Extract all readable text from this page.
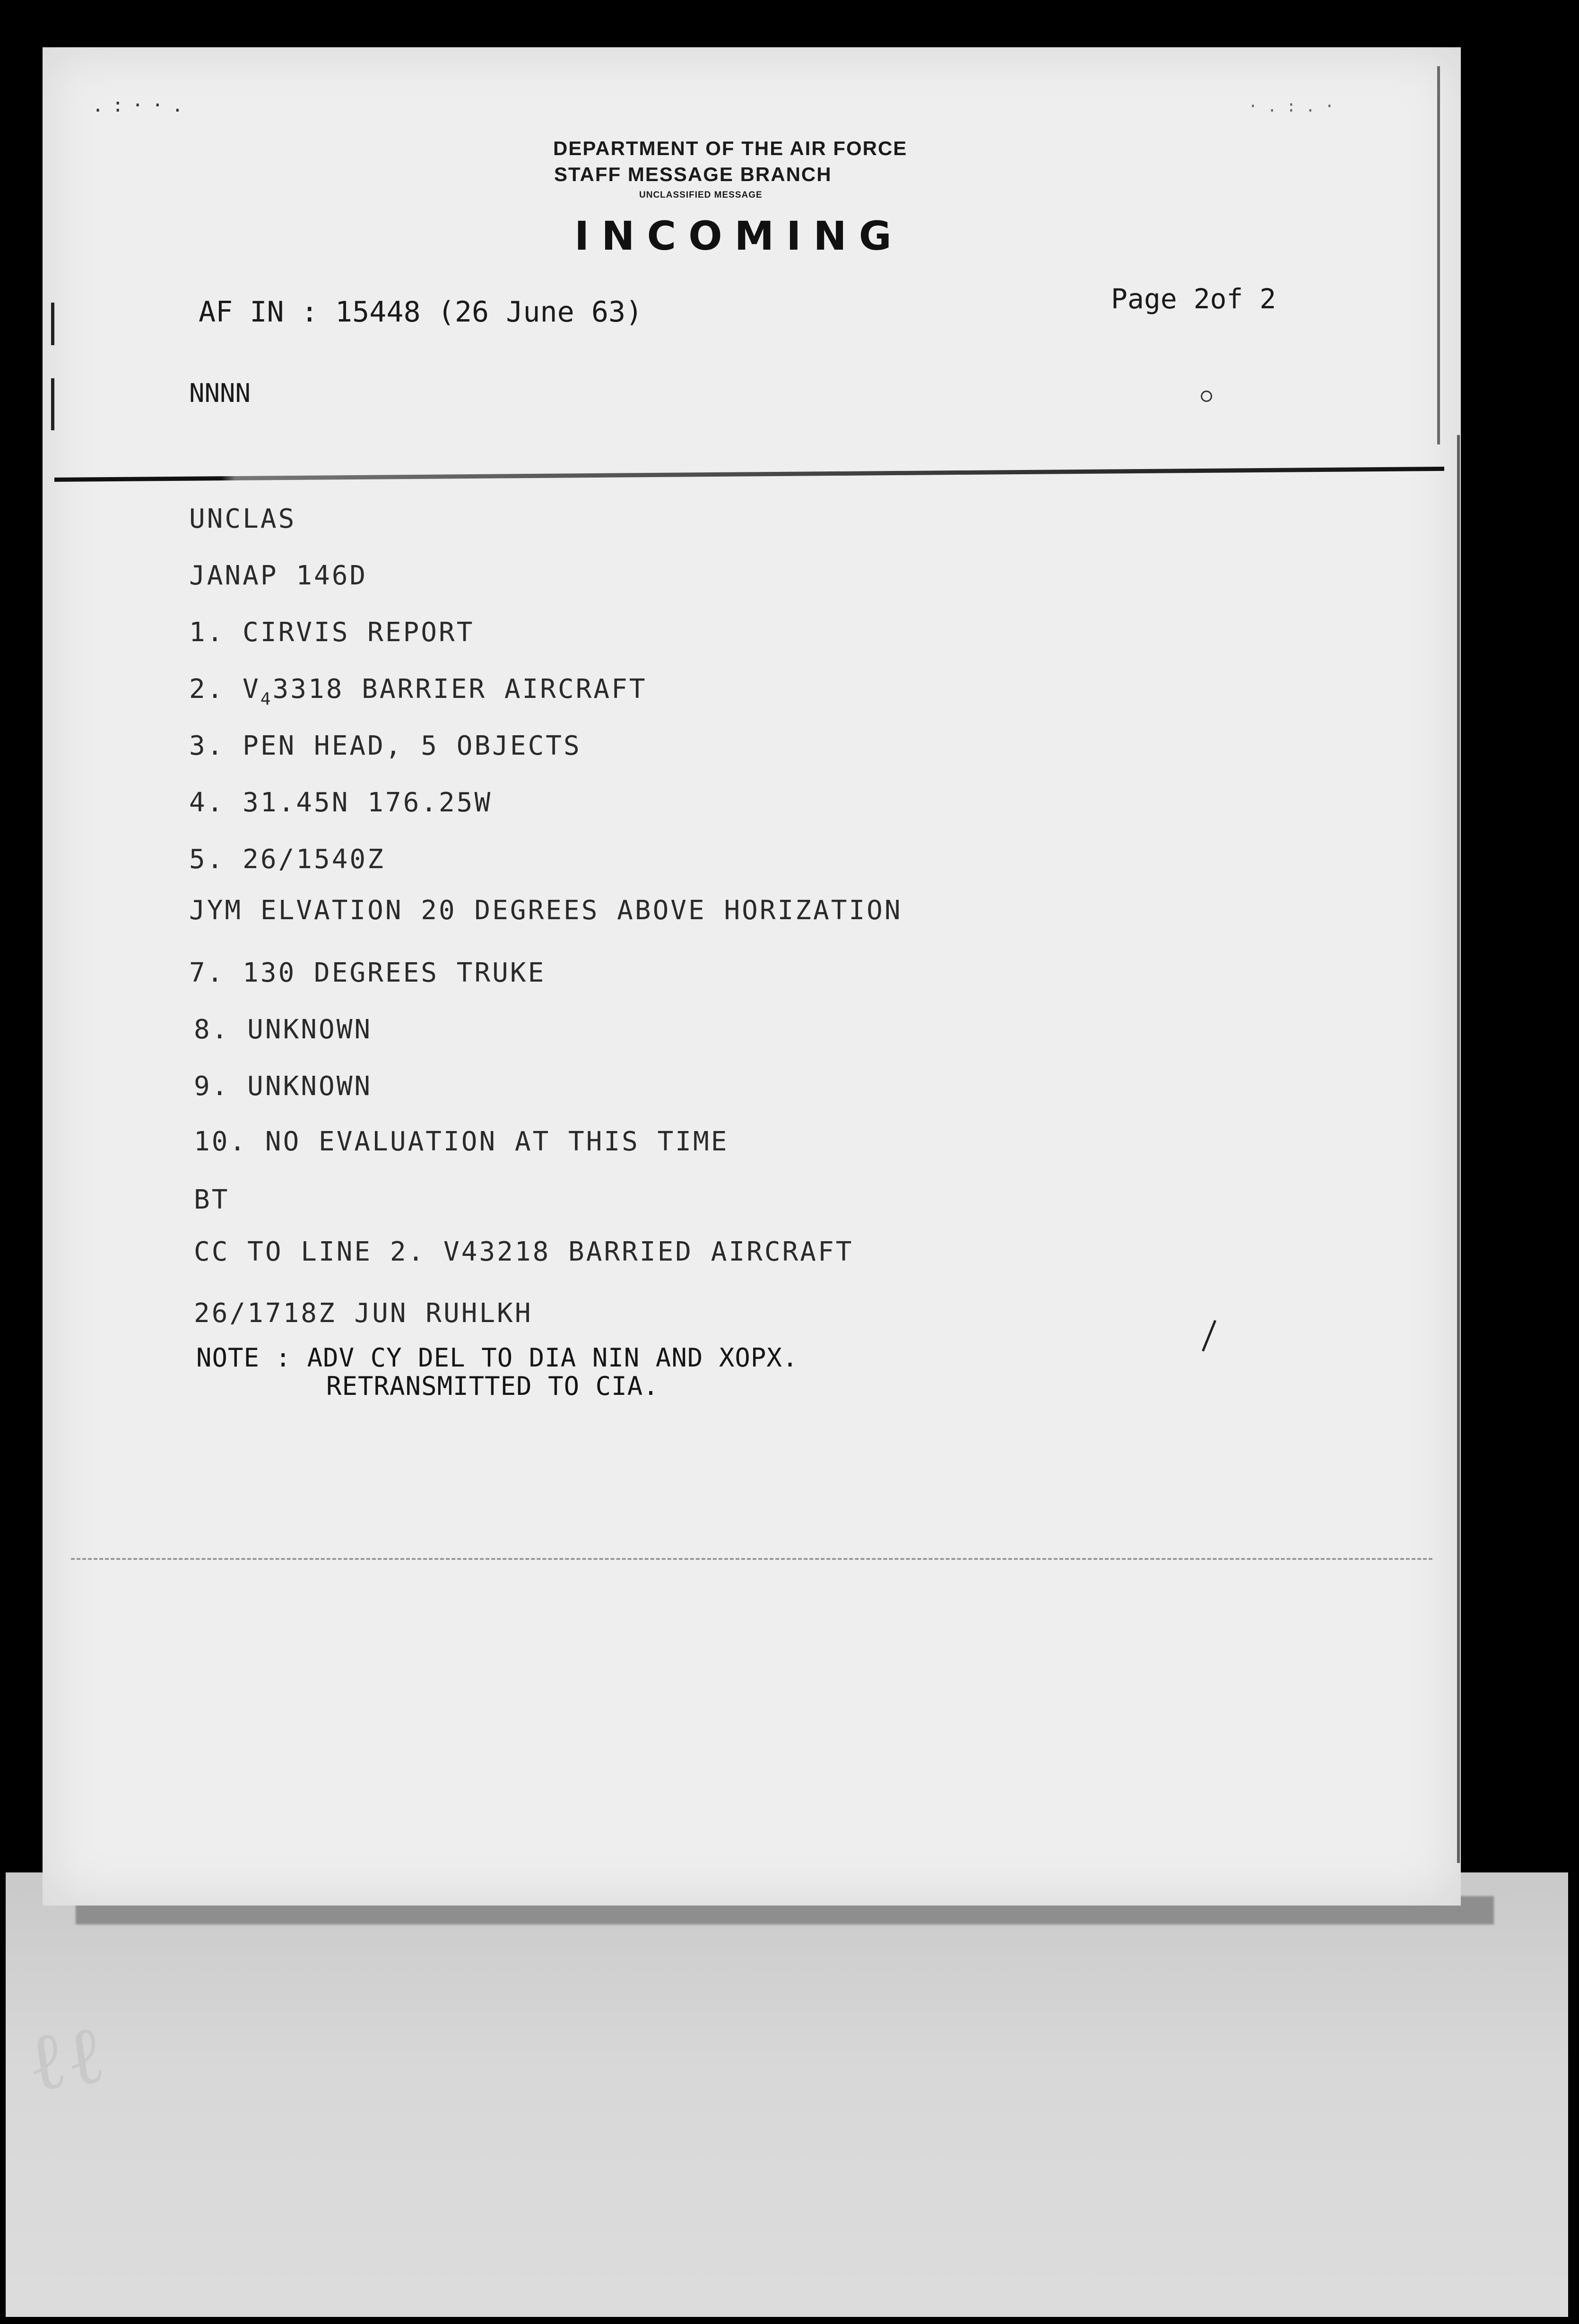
ℓℓ
.:··.	·.:.·
DEPARTMENT OF THE AIR FORCE
STAFF MESSAGE BRANCH
UNCLASSIFIED MESSAGE
INCOMING
AF IN : 15448 (26 June 63)	Page 2of 2
NNNN
UNCLAS
JANAP 146D
1. CIRVIS REPORT
2. $V_43318$ BARRIER AIRCRAFT
3. PEN HEAD, 5 OBJECTS
4. 31.45N 176.25W
5. 26/1540Z
JYM ELVATION 20 DEGREES ABOVE HORIZATION
7. 130 DEGREES TRUKE
8. UNKNOWN
9. UNKNOWN
10. NO EVALUATION AT THIS TIME
BT
CC TO LINE 2. V43218 BARRIED AIRCRAFT
26/1718Z JUN RUHLKH
NOTE : ADV CY DEL TO DIA NIN AND XOPX.
RETRANSMITTED TO CIA.
